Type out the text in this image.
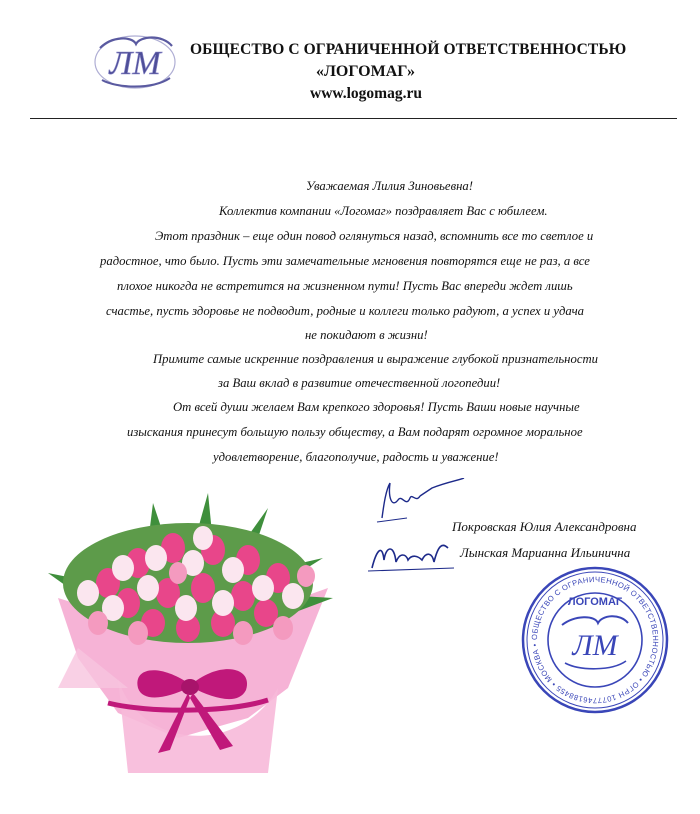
ЛМ ОБЩЕСТВО С ОГРАНИЧЕННОЙ ОТВЕТСТВЕННОСТЬЮ
«ЛОГОМАГ»
www.logomag.ru

Уважаемая Лилия Зиновьевна!

Коллектив компании «Логомаг» поздравляет Вас с юбилеем.

Этот праздник – еще один повод оглянуться назад, вспомнить все то светлое и

радостное, что было. Пусть эти замечательные мгновения повторятся еще не раз, а все

плохое никогда не встретится на жизненном пути! Пусть Вас впереди ждет лишь

счастье, пусть здоровье не подводит, родные и коллеги только радуют, а успех и удача

не покидают в жизни!

Примите самые искренние поздравления и выражение глубокой признательности

за Ваш вклад в развитие отечественной логопедии!

От всей души желаем Вам крепкого здоровья! Пусть Ваши новые научные

изыскания принесут большую пользу обществу, а Вам подарят огромное моральное

удовлетворение, благополучие, радость и уважение!

Покровская Юлия Александровна
Лынская Марианна Ильинична
ОБЩЕСТВО С ОГРАНИЧЕННОЙ ОТВЕТСТВЕННОСТЬЮ • ОГРН 1077746188455 • МОСКВА •
ЛОГОМАГ
ЛМ
